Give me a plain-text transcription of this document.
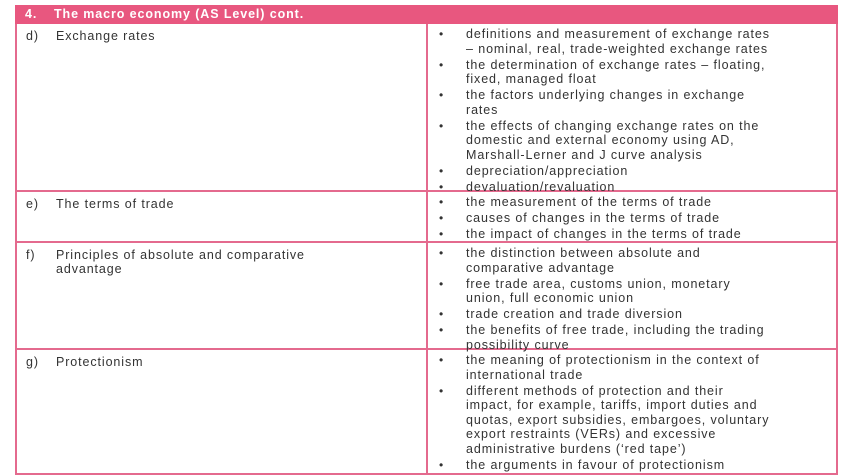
4. The macro economy (AS Level) cont.
d)	Exchange rates	• definitions and measurement of exchange rates
– nominal, real, trade-weighted exchange rates
• the determination of exchange rates – floating,
fixed, managed float
• the factors underlying changes in exchange
rates
• the effects of changing exchange rates on the
domestic and external economy using AD,
Marshall-Lerner and J curve analysis
• depreciation/appreciation
• devaluation/revaluation
e)	The terms of trade	• the measurement of the terms of trade
• causes of changes in the terms of trade
• the impact of changes in the terms of trade
f)	Principles of absolute and comparative
advantage
• the distinction between absolute and
comparative advantage
• free trade area, customs union, monetary
union, full economic union
• trade creation and trade diversion
• the benefits of free trade, including the trading
possibility curve
g)	Protectionism	• the meaning of protectionism in the context of
international trade
• different methods of protection and their
impact, for example, tariffs, import duties and
quotas, export subsidies, embargoes, voluntary
export restraints (VERs) and excessive
administrative burdens (‘red tape’)
• the arguments in favour of protectionism
